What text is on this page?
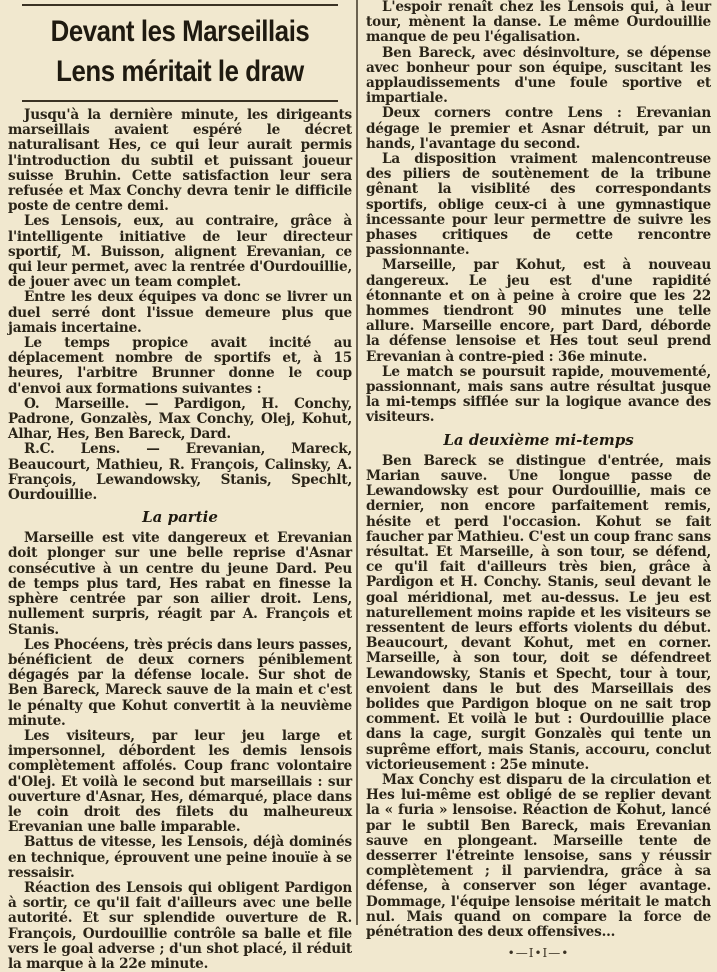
Devant les Marseillais
Lens méritait le draw

Jusqu'à la dernière minute, les dirigeants marseillais avaient espéré le décret naturalisant Hes, ce qui leur aurait permis l'introduction du subtil et puissant joueur suisse Bruhin. Cette satisfaction leur sera refusée et Max Conchy devra tenir le difficile poste de centre demi.

Les Lensois, eux, au contraire, grâce à l'intelligente initiative de leur directeur sportif, M. Buisson, alignent Erevanian, ce qui leur permet, avec la rentrée d'Ourdouillie, de jouer avec un team complet.

Entre les deux équipes va donc se livrer un duel serré dont l'issue demeure plus que jamais incertaine.

Le temps propice avait incité au déplacement nombre de sportifs et, à 15 heures, l'arbitre Brunner donne le coup d'envoi aux formations suivantes :

O. Marseille. — Pardigon, H. Conchy, Padrone, Gonzalès, Max Conchy, Olej, Kohut, Alhar, Hes, Ben Bareck, Dard.

R.C. Lens. — Erevanian, Mareck, Beaucourt, Mathieu, R. François, Calinsky, A. François, Lewandowsky, Stanis, Spechlt, Ourdouillie.

La partie

Marseille est vite dangereux et Erevanian doit plonger sur une belle reprise d'Asnar consécutive à un centre du jeune Dard. Peu de temps plus tard, Hes rabat en finesse la sphère centrée par son ailier droit. Lens, nullement surpris, réagit par A. François et Stanis.

Les Phocéens, très précis dans leurs passes, bénéficient de deux corners péniblement dégagés par la défense locale. Sur shot de Ben Bareck, Mareck sauve de la main et c'est le pénalty que Kohut convertit à la neuvième minute.

Les visiteurs, par leur jeu large et impersonnel, débordent les demis lensois complètement affolés. Coup franc volontaire d'Olej. Et voilà le second but marseillais : sur ouverture d'Asnar, Hes, démarqué, place dans le coin droit des filets du malheureux Erevanian une balle imparable.

Battus de vitesse, les Lensois, déjà dominés en technique, éprouvent une peine inouïe à se ressaisir.

Réaction des Lensois qui obligent Pardigon à sortir, ce qu'il fait d'ailleurs avec une belle autorité. Et sur splendide ouverture de R. François, Ourdouillie contrôle sa balle et file vers le goal adverse ; d'un shot placé, il réduit la marque à la 22e minute.

L'espoir renaît chez les Lensois qui, à leur tour, mènent la danse. Le même Ourdouillie manque de peu l'égalisation.

Ben Bareck, avec désinvolture, se dépense avec bonheur pour son équipe, suscitant les applaudissements d'une foule sportive et impartiale.

Deux corners contre Lens : Erevanian dégage le premier et Asnar détruit, par un hands, l'avantage du second.

La disposition vraiment malencontreuse des piliers de soutènement de la tribune gênant la visiblité des correspondants sportifs, oblige ceux-ci à une gymnastique incessante pour leur permettre de suivre les phases critiques de cette rencontre passionnante.

Marseille, par Kohut, est à nouveau dangereux. Le jeu est d'une rapidité étonnante et on à peine à croire que les 22 hommes tiendront 90 minutes une telle allure. Marseille encore, part Dard, déborde la défense lensoise et Hes tout seul prend Erevanian à contre-pied : 36e minute.

Le match se poursuit rapide, mouvementé, passionnant, mais sans autre résultat jusque la mi-temps sifflée sur la logique avance des visiteurs.

La deuxième mi-temps

Ben Bareck se distingue d'entrée, mais Marian sauve. Une longue passe de Lewandowsky est pour Ourdouillie, mais ce dernier, non encore parfaitement remis, hésite et perd l'occasion. Kohut se fait faucher par Mathieu. C'est un coup franc sans résultat. Et Marseille, à son tour, se défend, ce qu'il fait d'ailleurs très bien, grâce à Pardigon et H. Conchy. Stanis, seul devant le goal méridional, met au-dessus. Le jeu est naturellement moins rapide et les visiteurs se ressentent de leurs efforts violents du début. Beaucourt, devant Kohut, met en corner. Marseille, à son tour, doit se défendreet Lewandowsky, Stanis et Specht, tour à tour, envoient dans le but des Marseillais des bolides que Pardigon bloque on ne sait trop comment. Et voilà le but : Ourdouillie place dans la cage, surgit Gonzalès qui tente un suprême effort, mais Stanis, accouru, conclut victorieusement : 25e minute.

Max Conchy est disparu de la circulation et Hes lui-même est obligé de se replier devant la « furia » lensoise. Réaction de Kohut, lancé par le subtil Ben Bareck, mais Erevanian sauve en plongeant. Marseille tente de desserrer l'étreinte lensoise, sans y réussir complètement ; il parviendra, grâce à sa défense, à conserver son léger avantage. Dommage, l'équipe lensoise méritait le match nul. Mais quand on compare la force de pénétration des deux offensives...

•—I•I—•
